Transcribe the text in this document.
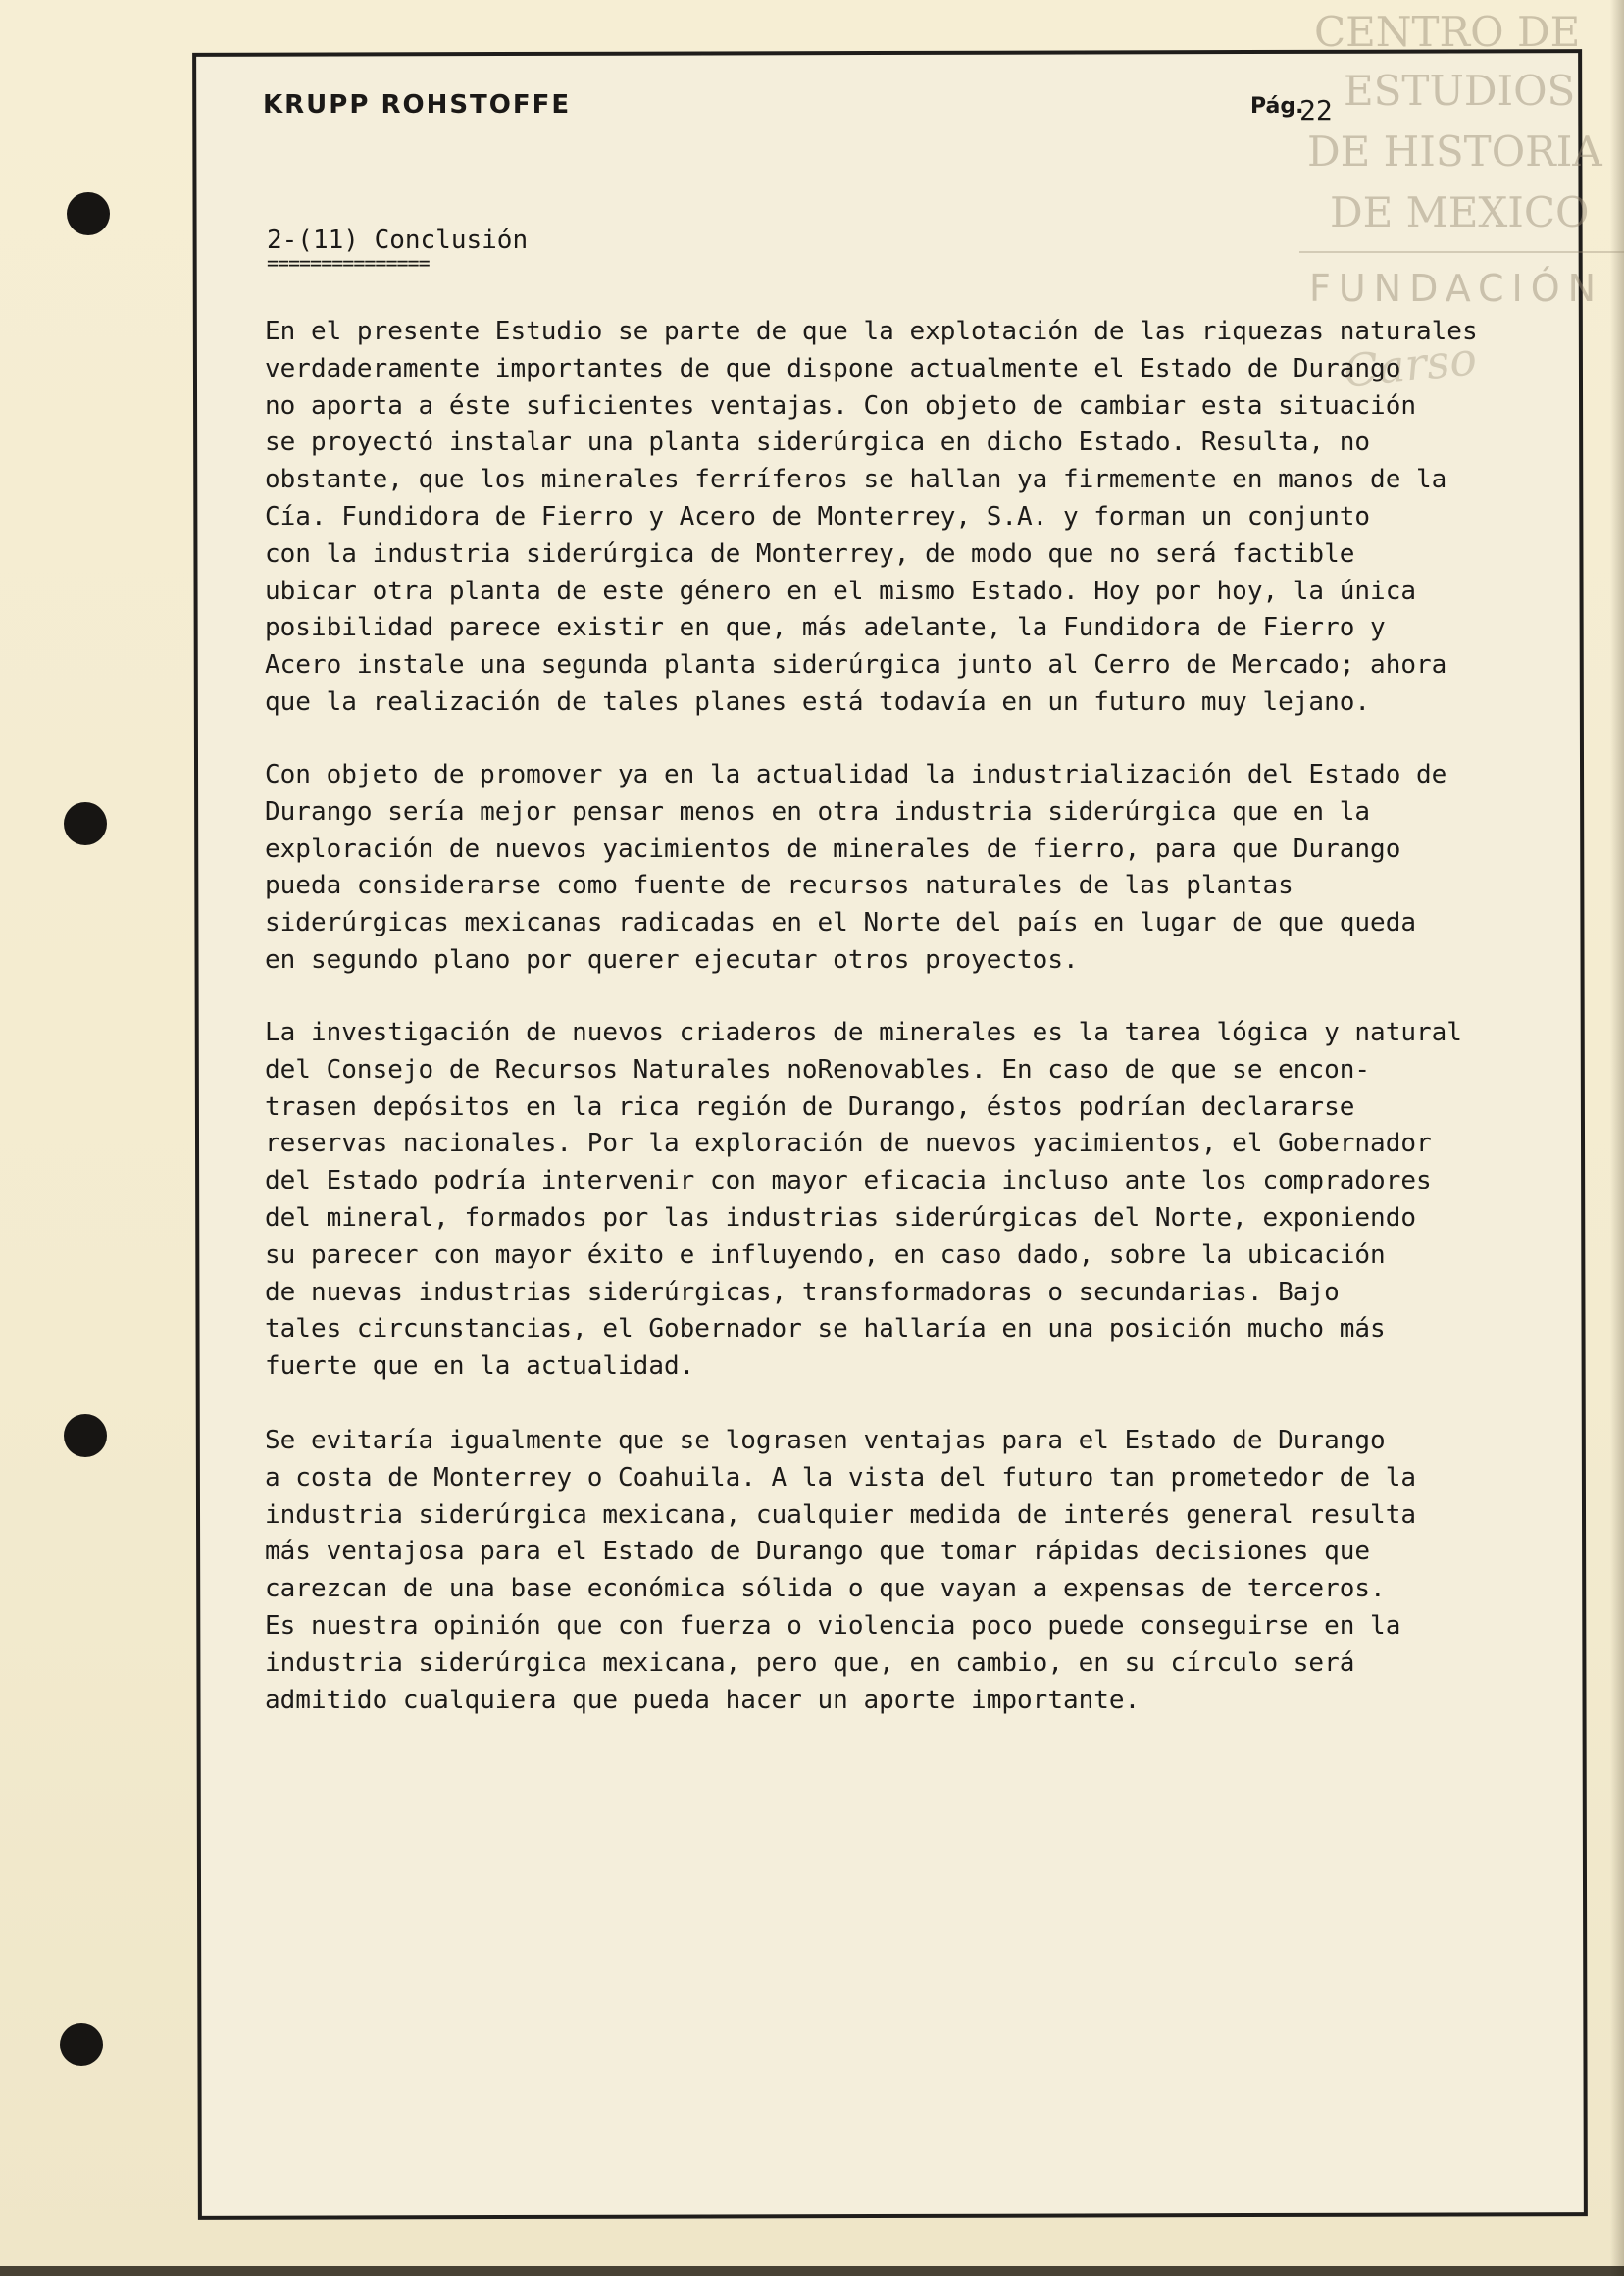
CENTRO DE
ESTUDIOS
DE HISTORIA
DE MEXICO
FUNDACIÓN
Carso
KRUPP ROHSTOFFE	Pág.
22
2-(11) Conclusión
===============

En el presente Estudio se parte de que la explotación de las riquezas naturales
verdaderamente importantes de que dispone actualmente el Estado de Durango
no aporta a éste suficientes ventajas. Con objeto de cambiar esta situación
se proyectó instalar una planta siderúrgica en dicho Estado. Resulta, no
obstante, que los minerales ferríferos se hallan ya firmemente en manos de la
Cía. Fundidora de Fierro y Acero de Monterrey, S.A. y forman un conjunto
con la industria siderúrgica de Monterrey, de modo que no será factible
ubicar otra planta de este género en el mismo Estado. Hoy por hoy, la única
posibilidad parece existir en que, más adelante, la Fundidora de Fierro y
Acero instale una segunda planta siderúrgica junto al Cerro de Mercado; ahora
que la realización de tales planes está todavía en un futuro muy lejano.

Con objeto de promover ya en la actualidad la industrialización del Estado de
Durango sería mejor pensar menos en otra industria siderúrgica que en la
exploración de nuevos yacimientos de minerales de fierro, para que Durango
pueda considerarse como fuente de recursos naturales de las plantas
siderúrgicas mexicanas radicadas en el Norte del país en lugar de que queda
en segundo plano por querer ejecutar otros proyectos.

La investigación de nuevos criaderos de minerales es la tarea lógica y natural
del Consejo de Recursos Naturales noRenovables. En caso de que se encon-
trasen depósitos en la rica región de Durango, éstos podrían declararse
reservas nacionales. Por la exploración de nuevos yacimientos, el Gobernador
del Estado podría intervenir con mayor eficacia incluso ante los compradores
del mineral, formados por las industrias siderúrgicas del Norte, exponiendo
su parecer con mayor éxito e influyendo, en caso dado, sobre la ubicación
de nuevas industrias siderúrgicas, transformadoras o secundarias. Bajo
tales circunstancias, el Gobernador se hallaría en una posición mucho más
fuerte que en la actualidad.

Se evitaría igualmente que se lograsen ventajas para el Estado de Durango
a costa de Monterrey o Coahuila. A la vista del futuro tan prometedor de la
industria siderúrgica mexicana, cualquier medida de interés general resulta
más ventajosa para el Estado de Durango que tomar rápidas decisiones que
carezcan de una base económica sólida o que vayan a expensas de terceros.
Es nuestra opinión que con fuerza o violencia poco puede conseguirse en la
industria siderúrgica mexicana, pero que, en cambio, en su círculo será
admitido cualquiera que pueda hacer un aporte importante.
